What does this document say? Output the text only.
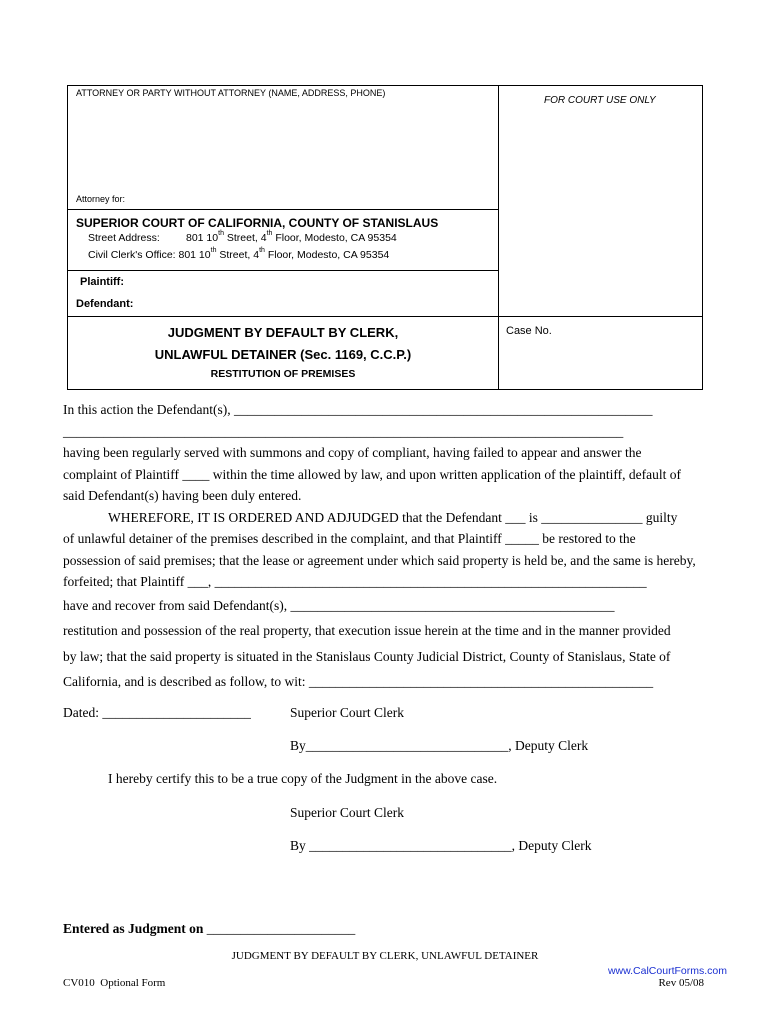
ATTORNEY OR PARTY WITHOUT ATTORNEY (NAME, ADDRESS, PHONE)
FOR COURT USE ONLY
Attorney for:
SUPERIOR COURT OF CALIFORNIA, COUNTY OF STANISLAUS
Street Address: 801 10th Street, 4th Floor, Modesto, CA 95354
Civil Clerk's Office: 801 10th Street, 4th Floor, Modesto, CA 95354
Plaintiff:
Defendant:
JUDGMENT BY DEFAULT BY CLERK,
UNLAWFUL DETAINER (Sec. 1169, C.C.P.)
RESTITUTION OF PREMISES
Case No.
In this action the Defendant(s), ______________________________________________________________
___________________________________________________________________________________
having been regularly served with summons and copy of compliant, having failed to appear and answer the
complaint of Plaintiff ____ within the time allowed by law, and upon written application of the plaintiff, default of
said Defendant(s) having been duly entered.
WHEREFORE, IT IS ORDERED AND ADJUDGED that the Defendant ___ is _______________ guilty
of unlawful detainer of the premises described in the complaint, and that Plaintiff _____ be restored to the
possession of said premises; that the lease or agreement under which said property is held be, and the same is hereby,
forfeited; that Plaintiff ___, ________________________________________________________________
have and recover from said Defendant(s), ________________________________________________
restitution and possession of the real property, that execution issue herein at the time and in the manner provided
by law; that the said property is situated in the Stanislaus County Judicial District, County of Stanislaus, State of
California, and is described as follow, to wit: ___________________________________________________
Dated: ______________________	Superior Court Clerk
By______________________________, Deputy Clerk
I hereby certify this to be a true copy of the Judgment in the above case.
Superior Court Clerk
By ______________________________, Deputy Clerk
Entered as Judgment on ______________________
JUDGMENT BY DEFAULT BY CLERK, UNLAWFUL DETAINER
www.CalCourtForms.com
CV010  Optional Form	Rev 05/08
